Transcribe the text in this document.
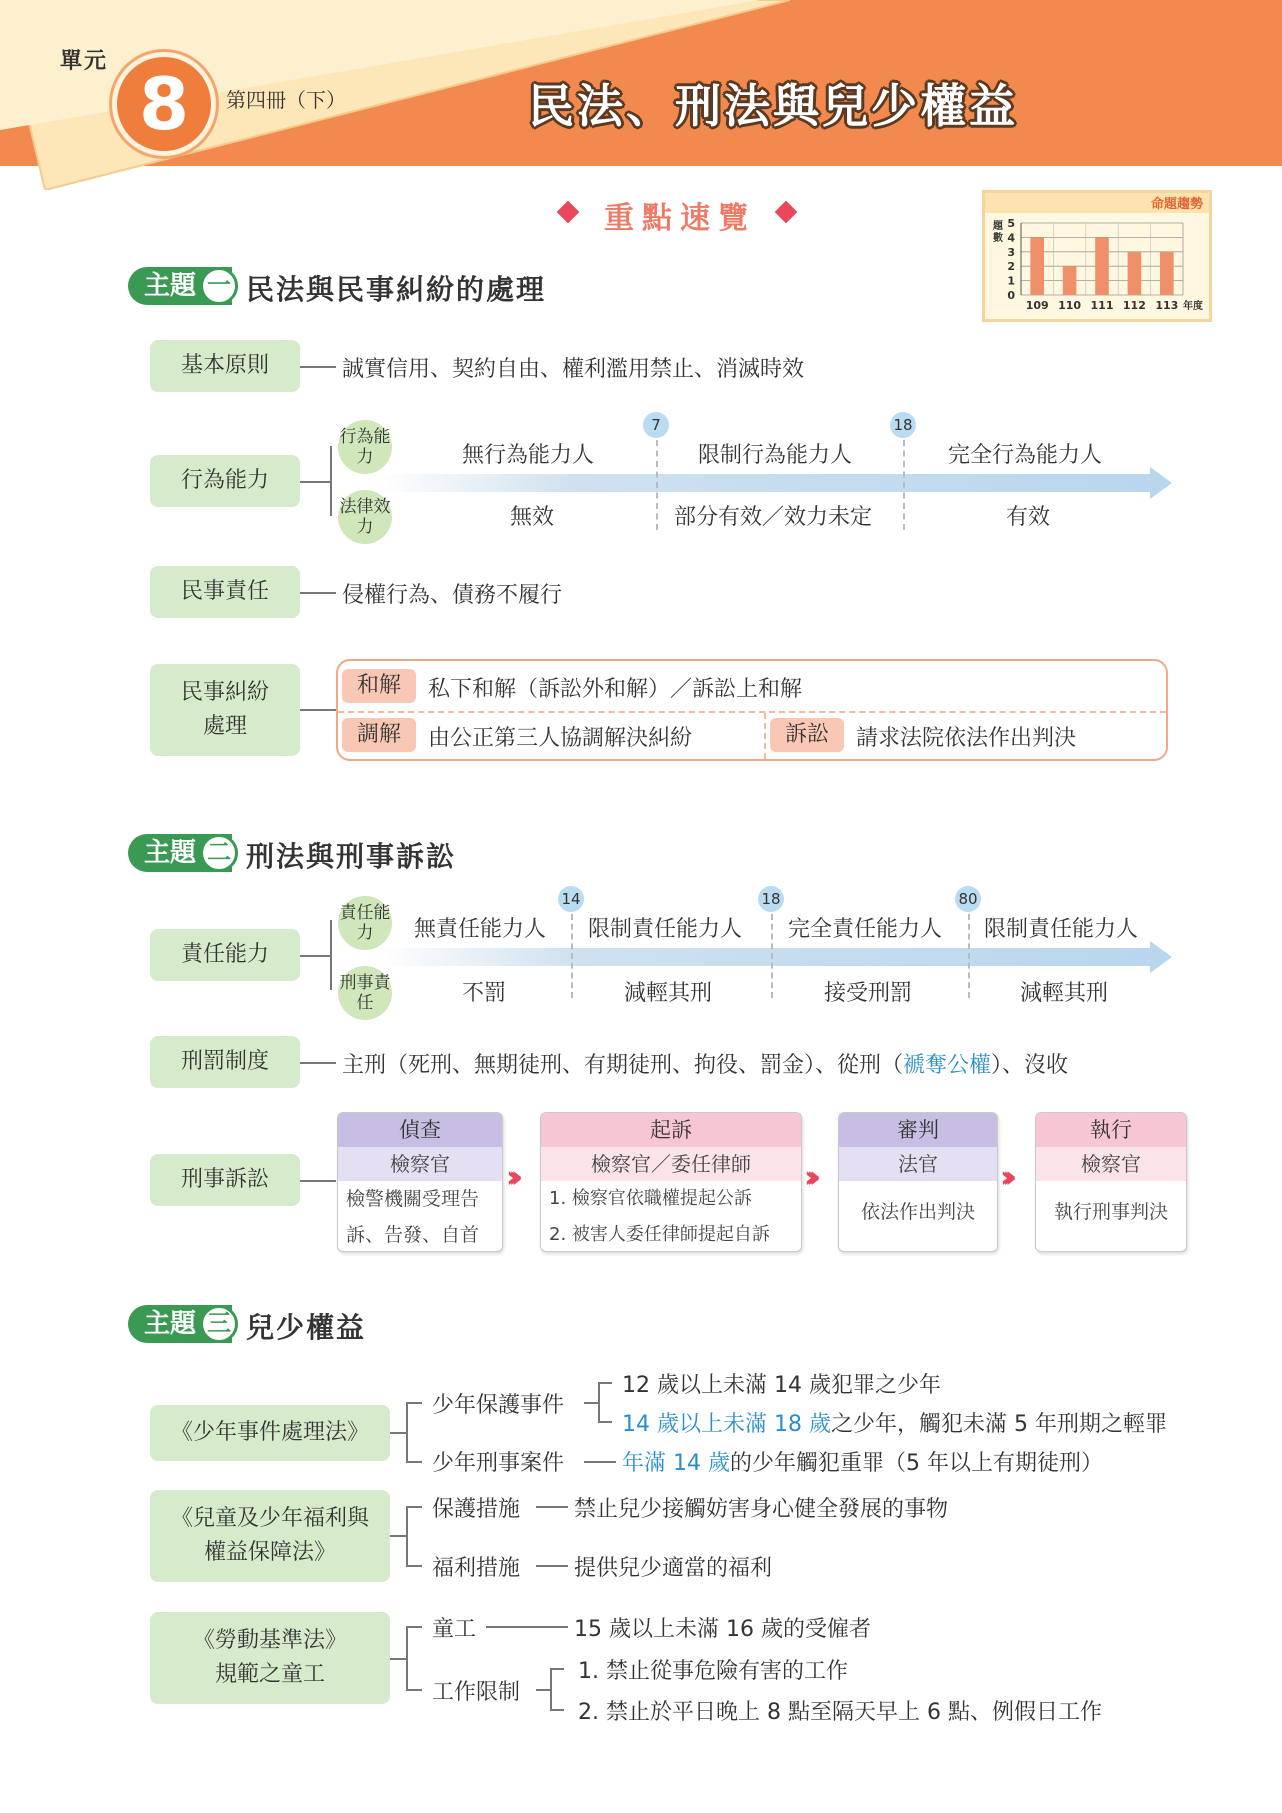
單元
8	第四冊（下）	民法、刑法與兒少權益
重點速覽	命題趨勢
題
數
0
1
2
3
4
5
109 110 111 112 113 年度
主題 一 民法與民事糾紛的處理
基本原則	誠實信用、契約自由、權利濫用禁止、消滅時效
行為能力
行為能力
法律效力
7	18
無行為能力人	限制行為能力人	完全行為能力人
無效	部分有效／效力未定	有效
民事責任	侵權行為、債務不履行
民事糾紛處理
和解	私下和解（訴訟外和解）／訴訟上和解
調解	由公正第三人協調解決糾紛	訴訟	請求法院依法作出判決
主題 二 刑法與刑事訴訟
責任能力
責任能力
刑事責任
14	18	80
無責任能力人 限制責任能力人 完全責任能力人 限制責任能力人
不罰	減輕其刑	接受刑罰	減輕其刑
刑罰制度	主刑（死刑、無期徒刑、有期徒刑、拘役、罰金）、從刑（褫奪公權）、沒收
刑事訴訟
偵查
檢察官
檢警機關受理告
訴、告發、自首
›››
起訴
檢察官／委任律師
1. 檢察官依職權提起公訴
2. 被害人委任律師提起自訴
›››
審判
法官
依法作出判決
›››
執行
檢察官
執行刑事判決
主題 三 兒少權益
《少年事件處理法》
少年保護事件
12 歲以上未滿 14 歲犯罪之少年
14 歲以上未滿 18 歲之少年，觸犯未滿 5 年刑期之輕罪
少年刑事案件	年滿 14 歲的少年觸犯重罪（5 年以上有期徒刑）
《兒童及少年福利與
權益保障法》
保護措施 禁止兒少接觸妨害身心健全發展的事物
福利措施 提供兒少適當的福利
《勞動基準法》
規範之童工
童工	15 歲以上未滿 16 歲的受僱者
工作限制
1. 禁止從事危險有害的工作
2. 禁止於平日晚上 8 點至隔天早上 6 點、例假日工作
